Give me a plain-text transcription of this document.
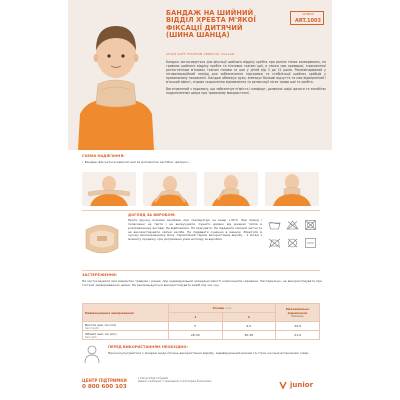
БАНДАЖ НА ШИЙНИЙ
ВІДДІЛ ХРЕБТА М'ЯКОЇ
ФІКСАЦІЇ ДИТЯЧИЙ
(ШИНА ШАНЦА)
АРТИКУЛ
ART.1003
CHILD SOFT FIXATION CERVICAL COLLAR

Бандаж застосовується для фіксації шийного відділу хребта при ранніх типах захворювань, по травмах шийного відділу хребта та м'язових тканин шиї, а також при кривошиї, спричиненої розтягненням м'язових тканин голови та шиї у дітей від 3 до 12 років. Рекомендований у післяопераційний період для забезпечення підтримки та стабілізації шийних хребців у правильному положенні. Бандаж обмежує рухи, зменшує больові відчуття та має відвернений і м'якший ефект, сприяє скороченню відновлення та релаксації після травм шиї та хребта.

Виготовлений з поролону, що забезпечує м'якість і комфорт, дозволяє шкірі дихати та запобігає подразненням шкіри при тривалому використанні.

СХЕМА НАДЯГАННЯ:
• Бандаж фіксується навколо шиї за допомогою застібки «велкро».
ДОГЛЯД ЗА ВИРОБОМ:
Прати вручну м'якими засобами при температурі не вище +30°С. При прасці і поласканні не терти і не викручувати. Сушити далеко від джерел тепла в розправленому вигляді. Не відбілювати. Не прасувати. Не піддавати хімічній чистці та не використовувати хімічні засоби. Не піддавати сушінню в машині. Зберігати в сухому вентильованому місці. Гарантійний термін використання виробу – 2 місяці з моменту продажу, при дотриманні умов догляду за виробом.
ЗАСТЕРЕЖЕННЯ:
Не застосовувати при відкритих травмах і ранах, при індивідуальній непереносимості компонентів сировини. Нестерильно, не використовувати при гострих захворюваннях шкіри. Не рекомендується використовувати виріб під час сну.
Найменування вимірювання	Розмір Size		Максимальне відхилення
Tolerance

	1	2	
Висота шиї, см (cm)
Neck height	5	6,5	±0,5
Обхват шиї, см (cm)
Neck girth	26-30	30-36	±1,0
ПЕРЕД ВИКОРИСТАННЯМ НЕОБХІДНО:
Проконсультуватися з лікарем щодо питань використання виробу. Індивідуальний режим та строк носіння встановлює лікар.
ЦЕНТР ПІДТРИМКИ
0 800 600 103
з 9:00 до 18:00 по будням
Дзвінки з мобільних і стаціонарних по всій Україні безкоштовні	junior
